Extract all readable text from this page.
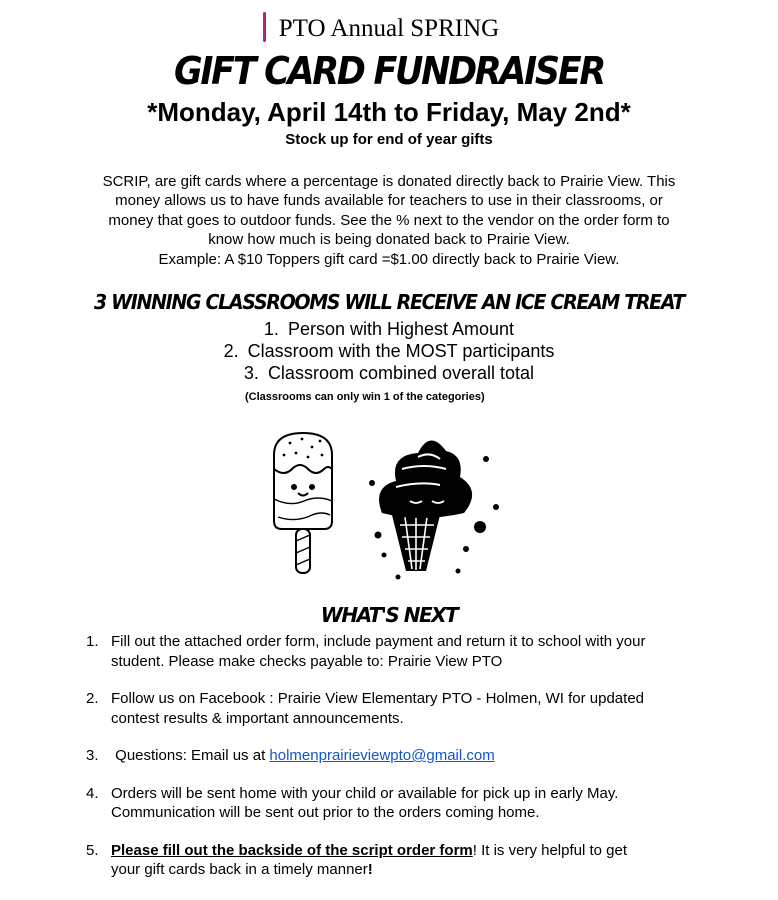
PTO Annual SPRING
GIFT CARD FUNDRAISER
*Monday, April 14th to Friday, May 2nd*
Stock up for end of year gifts
SCRIP, are gift cards where a percentage is donated directly back to Prairie View. This
money allows us to have funds available for teachers to use in their classrooms, or
money that goes to outdoor funds. See the % next to the vendor on the order form to
know how much is being donated back to Prairie View.
Example: A $10 Toppers gift card =$1.00 directly back to Prairie View.
3 WINNING CLASSROOMS WILL RECEIVE AN ICE CREAM TREAT
1. Person with Highest Amount
2. Classroom with the MOST participants
3. Classroom combined overall total
(Classrooms can only win 1 of the categories)
WHAT'S NEXT
1. Fill out the attached order form, include payment and return it to school with your
student. Please make checks payable to: Prairie View PTO
2. Follow us on Facebook : Prairie View Elementary PTO - Holmen, WI for updated
contest results & important announcements.
3. Questions: Email us at holmenprairieviewpto@gmail.com
4. Orders will be sent home with your child or available for pick up in early May.
Communication will be sent out prior to the orders coming home.
5. Please fill out the backside of the script order form! It is very helpful to get
your gift cards back in a timely manner!
